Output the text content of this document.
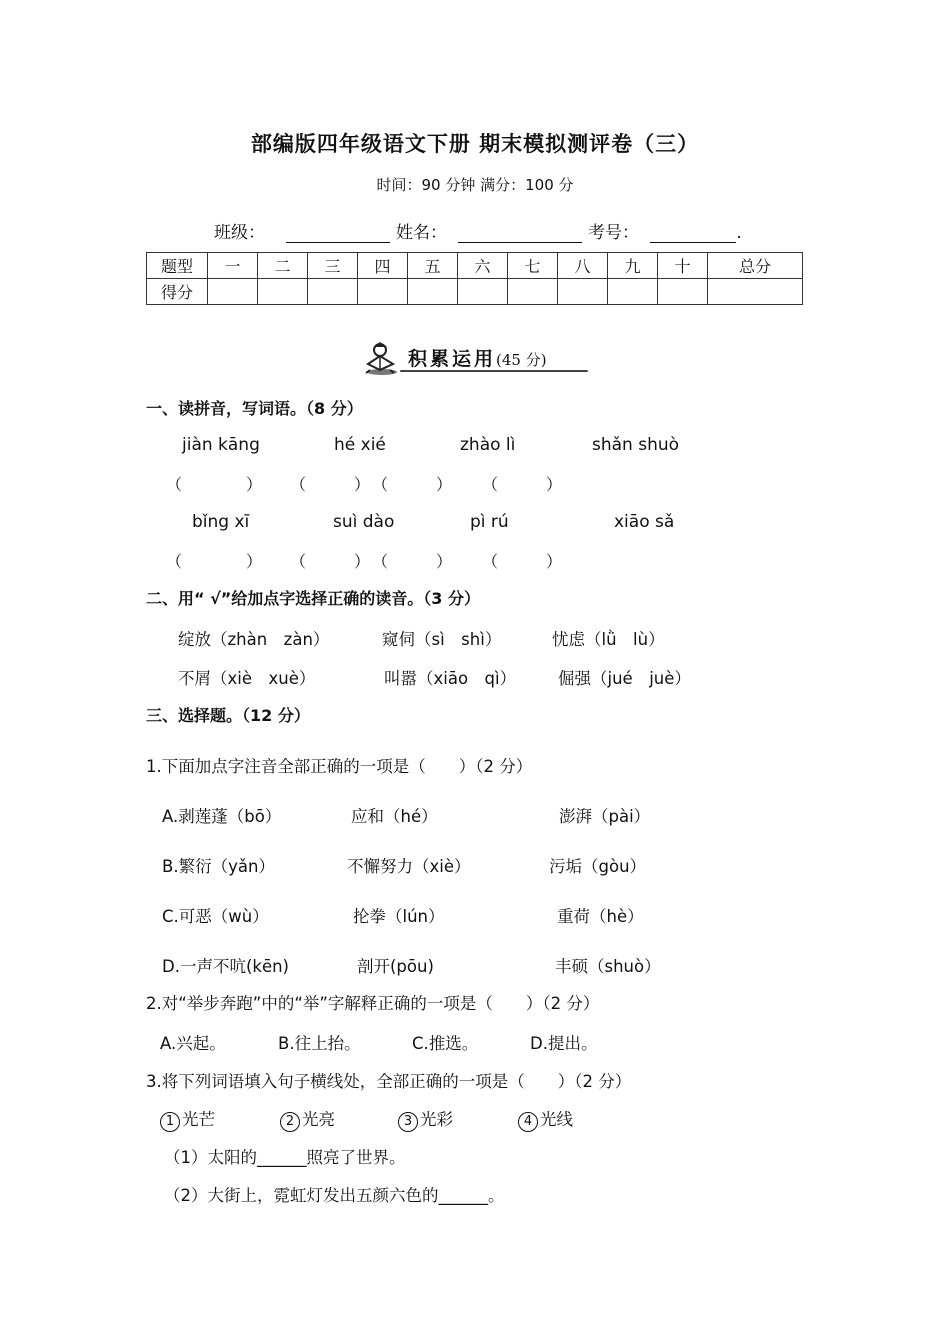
部编版四年级语文下册 期末模拟测评卷（三）
时间：90 分钟 满分：100 分
班级：	姓名：	考号：	.
题型	一	二	三	四	五	六	七	八	九	十	总分
得分											
积累运用(45 分)
一、读拼音，写词语。（8 分）
jiàn kāng	hé xié	zhào lì	shǎn shuò
（　　　　） （　　　） （　　　） （　　　）
bǐng xī	suì dào	pì rú	xiāo sǎ
（　　　　） （　　　） （　　　） （　　　）
二、用“ √”给加点字选择正确的读音。（3 分）
绽放（zhàn　zàn）	窥伺（sì　shì）	忧虑（lǜ　lù）
不屑（xiè　xuè）	叫嚣（xiāo　qì）	倔强（jué　juè）
三、选择题。（12 分）
1.下面加点字注音全部正确的一项是（　　）（2 分）
A.剥莲蓬（bō）	应和（hé）	澎湃（pài）
B.繁衍（yǎn）	不懈努力（xiè）	污垢（gòu）
C.可恶（wù）	抡拳（lún）	重荷（hè）
D.一声不吭(kēn)	剖开(pōu)	丰硕（shuò）
2.对“举步奔跑”中的“举”字解释正确的一项是（　　）（2 分）
A.兴起。	B.往上抬。	C.推选。	D.提出。
3.将下列词语填入句子横线处，全部正确的一项是（　　）（2 分）
1 光芒	2 光亮	3 光彩	4 光线
（1）太阳的______照亮了世界。
（2）大街上，霓虹灯发出五颜六色的______。
